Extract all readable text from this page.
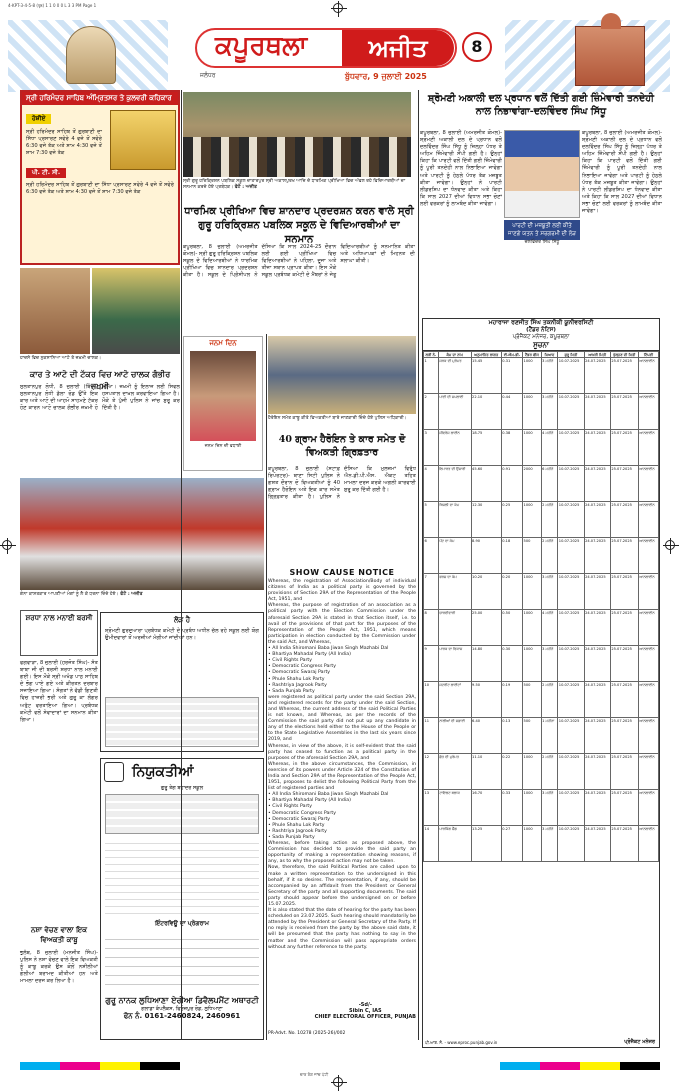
4-KPT-3-4-5-8 (पृष्ठ) 1 1 0 0 0 L 3 3 PM Page 1
ਕਪੂਰਥਲਾ	ਅਜੀਤ
ਜਲੰਧਰ	ਬੁੱਧਵਾਰ, 9 ਜੁਲਾਈ 2025
8
ਸ੍ਰੀ ਹਰਿਮੰਦਰ ਸਾਹਿਬ ਅੰਮ੍ਰਿਤਸਰ ਤੇ ਕੁਲਵਰੀ ਕਹਿਕਾਰ
ਹੋਸ਼ੀਏ
ਸ੍ਰੀ ਹਰਿਮੰਦਰ ਸਾਹਿਬ ਤੋਂ ਗੁਰਬਾਣੀ ਦਾ ਸਿੱਧਾ ਪ੍ਰਸਾਰਣ ਸਵੇਰੇ 4 ਵਜੇ ਤੋਂ ਸਵੇਰੇ 6:30 ਵਜੇ ਤੱਕ ਅਤੇ ਸ਼ਾਮ 4:30 ਵਜੇ ਤੋਂ ਸ਼ਾਮ 7:30 ਵਜੇ ਤੱਕ
ਪੀ. ਟੀ. ਸੀ.
ਸ੍ਰੀ ਹਰਿਮੰਦਰ ਸਾਹਿਬ ਤੋਂ ਗੁਰਬਾਣੀ ਦਾ ਸਿੱਧਾ ਪ੍ਰਸਾਰਣ ਸਵੇਰੇ 4 ਵਜੇ ਤੋਂ ਸਵੇਰੇ 6:30 ਵਜੇ ਤੱਕ ਅਤੇ ਸ਼ਾਮ 4:30 ਵਜੇ ਤੋਂ ਸ਼ਾਮ 7:30 ਵਜੇ ਤੱਕ
ਸ੍ਰੀ ਗੁਰੂ ਹਰਿਕ੍ਰਿਸ਼ਨ ਪਬਲਿਕ ਸਕੂਲ ਦਾਤਾਰਪੁਰ ਸ੍ਰੀ ਅਕਾਲਪੁਰਖ ਆਦਿ ਦੇ ਧਾਰਮਿਕ ਪ੍ਰੀਖਿਆ ਵਿਚ ਅੱਵਲ ਰਹੇ ਵਿਦਿਆਰਥੀਆਂ ਦਾ ਸਨਮਾਨ ਕਰਦੇ ਹੋਏ ਪ੍ਰਬੰਧਕ। ਫੋਟੋ : ਅਜੀਤ
ਧਾਰਮਿਕ ਪ੍ਰੀਖਿਆ ਵਿਚ ਸ਼ਾਨਦਾਰ ਪ੍ਰਦਰਸ਼ਨ ਕਰਨ ਵਾਲੇ ਸ੍ਰੀ ਗੁਰੂ ਹਰਿਕ੍ਰਿਸ਼ਨ ਪਬਲਿਕ ਸਕੂਲ ਦੇ ਵਿਦਿਆਰਥੀਆਂ ਦਾ ਸਨਮਾਨ
ਕਪੂਰਥਲਾ, 8 ਜੁਲਾਈ (ਅਮਰਜੀਤ ਕੋਮਲ)- ਸ੍ਰੀ ਗੁਰੂ ਹਰਿਕ੍ਰਿਸ਼ਨ ਪਬਲਿਕ ਸਕੂਲ ਦੇ ਵਿਦਿਆਰਥੀਆਂ ਨੇ ਧਾਰਮਿਕ ਪ੍ਰੀਖਿਆ ਵਿਚ ਸ਼ਾਨਦਾਰ ਪ੍ਰਦਰਸ਼ਨ ਕੀਤਾ ਹੈ। ਸਕੂਲ ਦੇ ਪ੍ਰਿੰਸੀਪਲ ਨੇ ਦੱਸਿਆ ਕਿ ਸਾਲ 2024-25 ਦੌਰਾਨ ਲਈ ਗਈ ਪ੍ਰੀਖਿਆ ਵਿਚ ਵਿਦਿਆਰਥੀਆਂ ਨੇ ਪਹਿਲਾ, ਦੂਜਾ ਅਤੇ ਤੀਜਾ ਸਥਾਨ ਪ੍ਰਾਪਤ ਕੀਤਾ। ਇਸ ਮੌਕੇ ਸਕੂਲ ਪ੍ਰਬੰਧਕ ਕਮੇਟੀ ਦੇ ਮੈਂਬਰਾਂ ਨੇ ਜੇਤੂ ਵਿਦਿਆਰਥੀਆਂ ਨੂੰ ਸਨਮਾਨਿਤ ਕੀਤਾ ਅਤੇ ਅਧਿਆਪਕਾਂ ਦੀ ਮਿਹਨਤ ਦੀ ਸ਼ਲਾਘਾ ਕੀਤੀ।
ਹਾਦਸੇ ਵਿਚ ਨੁਕਸਾਨਿਆ ਆਟੋ ਤੇ ਜ਼ਖ਼ਮੀ ਚਾਲਕ।
ਕਾਰ ਤੇ ਆਟੋ ਦੀ ਟੱਕਰ ਵਿਚ ਆਟੋ ਚਾਲਕ ਗੰਭੀਰ ਜ਼ਖ਼ਮੀ
ਸੁਲਤਾਨਪੁਰ ਲੋਧੀ, 8 ਜੁਲਾਈ (ਥਿੰਦ)- ਸੁਲਤਾਨਪੁਰ ਲੋਧੀ ਡੱਲਾ ਰੋਡ ਉੱਤੇ ਇਕ ਕਾਰ ਅਤੇ ਆਟੋ ਦੀ ਆਹਮੋ ਸਾਹਮਣੇ ਟੱਕਰ ਹੋਣ ਕਾਰਨ ਆਟੋ ਚਾਲਕ ਗੰਭੀਰ ਜ਼ਖ਼ਮੀ ਹੋ ਗਿਆ। ਜ਼ਖ਼ਮੀ ਨੂੰ ਇਲਾਜ ਲਈ ਸਿਵਲ ਹਸਪਤਾਲ ਦਾਖ਼ਲ ਕਰਵਾਇਆ ਗਿਆ ਹੈ। ਮੌਕੇ ਤੇ ਪੁੱਜੀ ਪੁਲਿਸ ਨੇ ਜਾਂਚ ਸ਼ੁਰੂ ਕਰ ਦਿੱਤੀ ਹੈ।
ਜਨਮ ਦਿਨ
ਜਨਮ ਦਿਨ ਦੀ ਵਧਾਈ
ਹੈਰੋਇਨ ਸਮੇਤ ਕਾਬੂ ਕੀਤੇ ਵਿਅਕਤੀਆਂ ਬਾਰੇ ਜਾਣਕਾਰੀ ਦਿੰਦੇ ਹੋਏ ਪੁਲਿਸ ਅਧਿਕਾਰੀ।
40 ਗ੍ਰਾਮ ਹੈਰੋਇਨ ਤੇ ਕਾਰ ਸਮੇਤ ਦੋ ਵਿਅਕਤੀ ਗ੍ਰਿਫ਼ਤਾਰ
ਕਪੂਰਥਲਾ, 8 ਜੁਲਾਈ (ਸਟਾਫ਼ ਰਿਪੋਰਟਰ)- ਥਾਣਾ ਸਿਟੀ ਪੁਲਿਸ ਨੇ ਗਸ਼ਤ ਦੌਰਾਨ ਦੋ ਵਿਅਕਤੀਆਂ ਨੂੰ 40 ਗ੍ਰਾਮ ਹੈਰੋਇਨ ਅਤੇ ਇਕ ਕਾਰ ਸਮੇਤ ਗ੍ਰਿਫ਼ਤਾਰ ਕੀਤਾ ਹੈ। ਪੁਲਿਸ ਨੇ ਦੱਸਿਆ ਕਿ ਮੁਲਜ਼ਮਾਂ ਵਿਰੁੱਧ ਐਨ.ਡੀ.ਪੀ.ਐਸ. ਐਕਟ ਤਹਿਤ ਮਾਮਲਾ ਦਰਜ ਕਰਕੇ ਅਗਲੀ ਕਾਰਵਾਈ ਸ਼ੁਰੂ ਕਰ ਦਿੱਤੀ ਗਈ ਹੈ।
ਗੰਨਾ ਕਾਸ਼ਤਕਾਰ ਆਪਣੀਆਂ ਮੰਗਾਂ ਨੂੰ ਲੈ ਕੇ ਧਰਨਾ ਦਿੰਦੇ ਹੋਏ। ਫੋਟੋ : ਅਜੀਤ
ਸ਼ਰਧਾ ਨਾਲ ਮਨਾਈ ਬਰਸੀ
ਫਗਵਾੜਾ, 8 ਜੁਲਾਈ (ਹਰਜੋਤ ਸਿੰਘ)- ਸੰਤ ਬਾਬਾ ਜੀ ਦੀ ਬਰਸੀ ਸ਼ਰਧਾ ਨਾਲ ਮਨਾਈ ਗਈ। ਇਸ ਮੌਕੇ ਸ੍ਰੀ ਅਖੰਡ ਪਾਠ ਸਾਹਿਬ ਦੇ ਭੋਗ ਪਾਏ ਗਏ ਅਤੇ ਕੀਰਤਨ ਦਰਬਾਰ ਸਜਾਇਆ ਗਿਆ। ਸੰਗਤਾਂ ਨੇ ਵੱਡੀ ਗਿਣਤੀ ਵਿਚ ਹਾਜ਼ਰੀ ਭਰੀ ਅਤੇ ਗੁਰੂ ਕਾ ਲੰਗਰ ਅਤੁੱਟ ਵਰਤਾਇਆ ਗਿਆ। ਪ੍ਰਬੰਧਕ ਕਮੇਟੀ ਵਲੋਂ ਸੇਵਾਦਾਰਾਂ ਦਾ ਸਨਮਾਨ ਕੀਤਾ ਗਿਆ।
ਲੋੜ ਹੈ
ਸ਼੍ਰੋਮਣੀ ਗੁਰਦੁਆਰਾ ਪ੍ਰਬੰਧਕ ਕਮੇਟੀ ਦੇ ਪ੍ਰਬੰਧ ਅਧੀਨ ਚੱਲ ਰਹੇ ਸਕੂਲ ਲਈ ਯੋਗ ਉਮੀਦਵਾਰਾਂ ਤੋਂ ਅਰਜ਼ੀਆਂ ਮੰਗੀਆਂ ਜਾਂਦੀਆਂ ਹਨ।
ਨਿਯੁਕਤੀਆਂ
ਗੁਰੂ ਤੇਗ ਬਹਾਦਰ ਸਕੂਲ
ਇੰਟਰਵਿਊ ਦਾ ਪ੍ਰੋਗਰਾਮ
ਗੁਰੂ ਨਾਨਕ ਲੁਧਿਆਣਾ ਏਰੀਆ ਡਿਵੈਲਪਮੈਂਟ ਅਥਾਰਟੀ
ਗਲਾਡਾ ਕੰਪਲੈਕਸ, ਫਿਰੋਜ਼ਪੁਰ ਰੋਡ, ਲੁਧਿਆਣਾ
ਫੋਨ ਨੰ. 0161-2460824, 2460961
ਨਸ਼ਾ ਵੇਚਣ ਵਾਲਾ ਇਕ ਵਿਅਕਤੀ ਕਾਬੂ
ਭੁਲੱਥ, 8 ਜੁਲਾਈ (ਮਨਜੀਤ ਸਿੰਘ)- ਪੁਲਿਸ ਨੇ ਨਸ਼ਾ ਵੇਚਣ ਵਾਲੇ ਇਕ ਵਿਅਕਤੀ ਨੂੰ ਕਾਬੂ ਕਰਕੇ ਉਸ ਕੋਲੋਂ ਨਸ਼ੀਲੀਆਂ ਗੋਲੀਆਂ ਬਰਾਮਦ ਕੀਤੀਆਂ ਹਨ ਅਤੇ ਮਾਮਲਾ ਦਰਜ ਕਰ ਲਿਆ ਹੈ।
ਸ਼੍ਰੋਮਣੀ ਅਕਾਲੀ ਦਲ ਪ੍ਰਧਾਨ ਵਲੋਂ ਦਿੱਤੀ ਗਈ ਜ਼ਿੰਮੇਵਾਰੀ ਤਨਦੇਹੀ ਨਾਲ ਨਿਭਾਵਾਂਗਾ-ਦਲਵਿੰਦਰ ਸਿੰਘ ਸਿੱਧੂ
ਕਪੂਰਥਲਾ, 8 ਜੁਲਾਈ (ਅਮਰਜੀਤ ਕੋਮਲ)- ਸ਼੍ਰੋਮਣੀ ਅਕਾਲੀ ਦਲ ਦੇ ਪ੍ਰਧਾਨ ਵਲੋਂ ਦਲਵਿੰਦਰ ਸਿੰਘ ਸਿੱਧੂ ਨੂੰ ਜ਼ਿਲ੍ਹਾ ਪੱਧਰ ਤੇ ਅਹਿਮ ਜ਼ਿੰਮੇਵਾਰੀ ਸੌਂਪੀ ਗਈ ਹੈ। ਉਨ੍ਹਾਂ ਕਿਹਾ ਕਿ ਪਾਰਟੀ ਵਲੋਂ ਦਿੱਤੀ ਗਈ ਜ਼ਿੰਮੇਵਾਰੀ ਨੂੰ ਪੂਰੀ ਤਨਦੇਹੀ ਨਾਲ ਨਿਭਾਇਆ ਜਾਵੇਗਾ ਅਤੇ ਪਾਰਟੀ ਨੂੰ ਹੇਠਲੇ ਪੱਧਰ ਤੱਕ ਮਜ਼ਬੂਤ ਕੀਤਾ ਜਾਵੇਗਾ। ਉਨ੍ਹਾਂ ਨੇ ਪਾਰਟੀ ਲੀਡਰਸ਼ਿਪ ਦਾ ਧੰਨਵਾਦ ਕੀਤਾ ਅਤੇ ਕਿਹਾ ਕਿ ਸਾਲ 2027 ਦੀਆਂ ਵਿਧਾਨ ਸਭਾ ਚੋਣਾਂ ਲਈ ਵਰਕਰਾਂ ਨੂੰ ਲਾਮਬੰਦ ਕੀਤਾ ਜਾਵੇਗਾ।
ਪਾਰਟੀ ਦੀ ਮਜ਼ਬੂਤੀ ਲਈ ਕੀਤੇ ਜਾਣਗੇ ਯਤਨ ਤੇ ਸਰਗਰਮੀ ਦੀ ਲੋੜ
ਦਲਵਿੰਦਰ ਸਿੰਘ ਸਿੱਧੂ
ਕਪੂਰਥਲਾ, 8 ਜੁਲਾਈ (ਅਮਰਜੀਤ ਕੋਮਲ)- ਸ਼੍ਰੋਮਣੀ ਅਕਾਲੀ ਦਲ ਦੇ ਪ੍ਰਧਾਨ ਵਲੋਂ ਦਲਵਿੰਦਰ ਸਿੰਘ ਸਿੱਧੂ ਨੂੰ ਜ਼ਿਲ੍ਹਾ ਪੱਧਰ ਤੇ ਅਹਿਮ ਜ਼ਿੰਮੇਵਾਰੀ ਸੌਂਪੀ ਗਈ ਹੈ। ਉਨ੍ਹਾਂ ਕਿਹਾ ਕਿ ਪਾਰਟੀ ਵਲੋਂ ਦਿੱਤੀ ਗਈ ਜ਼ਿੰਮੇਵਾਰੀ ਨੂੰ ਪੂਰੀ ਤਨਦੇਹੀ ਨਾਲ ਨਿਭਾਇਆ ਜਾਵੇਗਾ ਅਤੇ ਪਾਰਟੀ ਨੂੰ ਹੇਠਲੇ ਪੱਧਰ ਤੱਕ ਮਜ਼ਬੂਤ ਕੀਤਾ ਜਾਵੇਗਾ। ਉਨ੍ਹਾਂ ਨੇ ਪਾਰਟੀ ਲੀਡਰਸ਼ਿਪ ਦਾ ਧੰਨਵਾਦ ਕੀਤਾ ਅਤੇ ਕਿਹਾ ਕਿ ਸਾਲ 2027 ਦੀਆਂ ਵਿਧਾਨ ਸਭਾ ਚੋਣਾਂ ਲਈ ਵਰਕਰਾਂ ਨੂੰ ਲਾਮਬੰਦ ਕੀਤਾ ਜਾਵੇਗਾ।
ਮਹਾਰਾਜਾ ਰਣਜੀਤ ਸਿੰਘ ਤਕਨੀਕੀ ਯੂਨੀਵਰਸਿਟੀ
(ਟੈਂਡਰ ਨੋਟਿਸ)
ਪ੍ਰੋਜੈਕਟ ਮਨੇਜਰ, ਕਪੂਰਥਲਾ
ਸੂਚਨਾ
ਲੜੀ ਨੰ.	ਕੰਮ ਦਾ ਨਾਮ	ਅਨੁਮਾਨਿਤ ਲਾਗਤ	ਈ.ਐਮ.ਡੀ.	ਟੈਂਡਰ ਫੀਸ	ਮਿਆਦ	ਸ਼ੁਰੂ ਮਿਤੀ	ਆਖ਼ਰੀ ਮਿਤੀ	ਖੁੱਲ੍ਹਣ ਦੀ ਮਿਤੀ	ਟਿੱਪਣੀ
1	ਸੜਕ ਦੀ ਮੁਰੰਮਤ	15.45	0.31	1000	3 ਮਹੀਨੇ	10.07.2025	24.07.2025	25.07.2025	ਆਨਲਾਈਨ
2	ਪਾਣੀ ਦੀ ਸਪਲਾਈ	22.10	0.44	1000	3 ਮਹੀਨੇ	10.07.2025	24.07.2025	25.07.2025	ਆਨਲਾਈਨ
3	ਸੀਵਰੇਜ ਲਾਈਨ	18.75	0.38	1000	4 ਮਹੀਨੇ	10.07.2025	24.07.2025	25.07.2025	ਆਨਲਾਈਨ
4	ਇਮਾਰਤ ਦੀ ਉਸਾਰੀ	45.60	0.91	2000	6 ਮਹੀਨੇ	10.07.2025	24.07.2025	25.07.2025	ਆਨਲਾਈਨ
5	ਬਿਜਲੀ ਦਾ ਕੰਮ	12.30	0.25	1000	2 ਮਹੀਨੇ	10.07.2025	24.07.2025	25.07.2025	ਆਨਲਾਈਨ
6	ਪੇਂਟ ਦਾ ਕੰਮ	8.90	0.18	500	2 ਮਹੀਨੇ	10.07.2025	24.07.2025	25.07.2025	ਆਨਲਾਈਨ
7	ਫਰਸ਼ ਦਾ ਕੰਮ	10.20	0.20	1000	3 ਮਹੀਨੇ	10.07.2025	24.07.2025	25.07.2025	ਆਨਲਾਈਨ
8	ਚਾਰਦੀਵਾਰੀ	25.00	0.50	1000	4 ਮਹੀਨੇ	10.07.2025	24.07.2025	25.07.2025	ਆਨਲਾਈਨ
9	ਪਾਰਕ ਦਾ ਵਿਕਾਸ	14.80	0.30	1000	3 ਮਹੀਨੇ	10.07.2025	24.07.2025	25.07.2025	ਆਨਲਾਈਨ
10	ਸਟਰੀਟ ਲਾਈਟਾਂ	9.50	0.19	500	2 ਮਹੀਨੇ	10.07.2025	24.07.2025	25.07.2025	ਆਨਲਾਈਨ
11	ਨਾਲੀਆਂ ਦੀ ਸਫ਼ਾਈ	6.40	0.13	500	1 ਮਹੀਨਾ	10.07.2025	24.07.2025	25.07.2025	ਆਨਲਾਈਨ
12	ਛੱਤ ਦੀ ਮੁਰੰਮਤ	11.10	0.22	1000	2 ਮਹੀਨੇ	10.07.2025	24.07.2025	25.07.2025	ਆਨਲਾਈਨ
13	ਟਾਇਲਟ ਬਲਾਕ	16.70	0.33	1000	3 ਮਹੀਨੇ	10.07.2025	24.07.2025	25.07.2025	ਆਨਲਾਈਨ
14	ਪਾਰਕਿੰਗ ਸ਼ੈੱਡ	13.25	0.27	1000	3 ਮਹੀਨੇ	10.07.2025	24.07.2025	25.07.2025	ਆਨਲਾਈਨ
ਪੀ.ਆਰ. ਨੰ. - www.eproc.punjab.gov.in	ਪ੍ਰੋਜੈਕਟ ਮਨੇਜਰ
SHOW CAUSE NOTICE

Whereas, the registration of Association/Body of individual citizens of India as a political party is governed by the provisions of Section 29A of the Representation of the People Act, 1951, and

Whereas, the purpose of registration of an association as a political party with the Election Commission under the aforesaid Section 29A is stated in that Section itself, i.e. to avail of the provisions of that part for the purposes of the Representation of the People Act, 1951, which means participation in election conducted by the Commission under the said Act, and Whereas,

• All India Shiromani Baba Jiwan Singh Mazhabi Dal
• Bhartiya Mahadal Party (All India)
• Civil Rights Party
• Democratic Congress Party
• Democratic Swaraj Party
• Phule Shahu Lok Party
• Rashtriya Jagrook Party
• Sada Punjab Party

were registered as political party under the said Section 29A, and registered records for the party under the said Section, and Whereas, the current address of the said Political Parties is not known, and Whereas, as per the records of the Commission the said party did not put up any candidate in any of the elections held either to the House of the People or to the State Legislative Assemblies in the last six years since 2019, and

Whereas, in view of the above, it is self-evident that the said party has ceased to function as a political party in the purposes of the aforesaid Section 29A, and

Whereas, in the above circumstances, the Commission, in exercise of its powers under Article 324 of the Constitution of India and Section 29A of the Representation of the People Act, 1951, proposes to delist the following Political Party from the list of registered parties and

• All India Shiromani Baba Jiwan Singh Mazhabi Dal
• Bhartiya Mahadal Party (All India)
• Civil Rights Party
• Democratic Congress Party
• Democratic Swaraj Party
• Phule Shahu Lok Party
• Rashtriya Jagrook Party
• Sada Punjab Party

Whereas, before taking action as proposed above, the Commission has decided to provide the said party an opportunity of making a representation showing reasons, if any, as to why the proposed action may not be taken.

Now, therefore, the said Political Parties are called upon to make a written representation to the undersigned in this behalf, if it so desires. The representation, if any, should be accompanied by an affidavit from the President or General Secretary of the party and all supporting documents. The said party should appear before the undersigned on or before 15.07.2025.

It is also stated that the date of hearing for the party has been scheduled on 23.07.2025. Such hearing should mandatorily be attended by the President or General Secretary of the Party. If no reply is received from the party by the above said date, it will be presumed that the party has nothing to say in the matter and the Commission will pass appropriate orders without any further reference to the party.

-Sd/-
Sibin C, IAS
CHIEF ELECTORAL OFFICER, PUNJAB
PR-Advt. No. 10278 (2025-26)/002
ਚਾਰ ਰੰਗ ਜਾਂਚ ਪੱਟੀ
